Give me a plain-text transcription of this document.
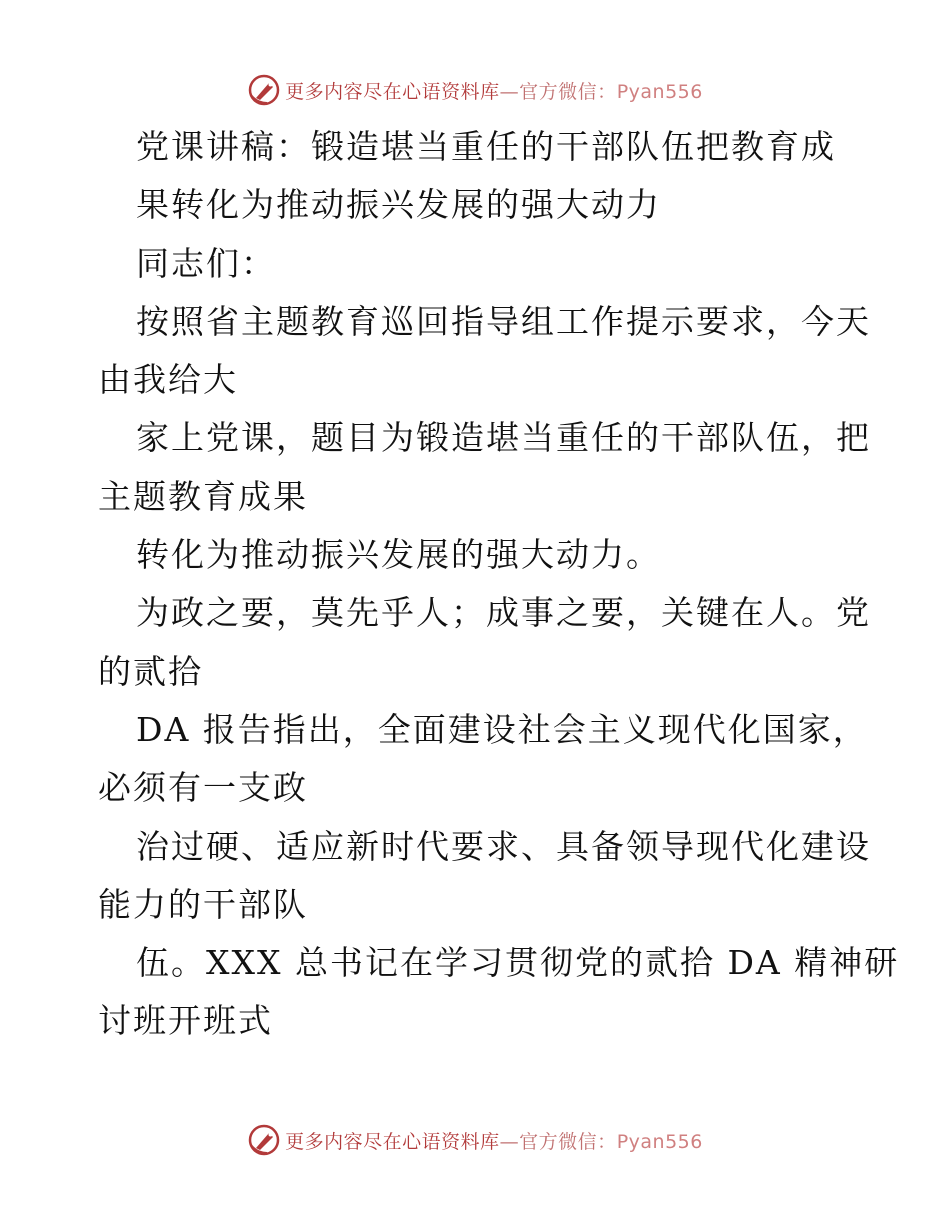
更多内容尽在心语资料库—官方微信：Pyan556
党课讲稿：锻造堪当重任的干部队伍把教育成
果转化为推动振兴发展的强大动力
同志们：
按照省主题教育巡回指导组工作提示要求，今天
由我给大
家上党课，题目为锻造堪当重任的干部队伍，把
主题教育成果
转化为推动振兴发展的强大动力。
为政之要，莫先乎人；成事之要，关键在人。党
的贰拾
DA 报告指出，全面建设社会主义现代化国家，
必须有一支政
治过硬、适应新时代要求、具备领导现代化建设
能力的干部队
伍。XXX 总书记在学习贯彻党的贰拾 DA 精神研
讨班开班式
更多内容尽在心语资料库—官方微信：Pyan556
